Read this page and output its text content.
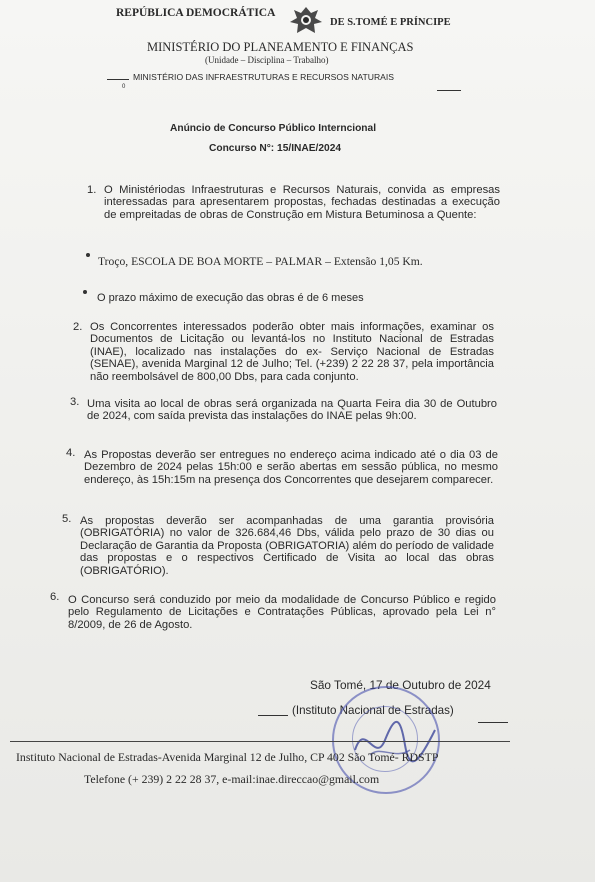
REPÚBLICA DEMOCRÁTICA
DE S.TOMÉ E PRÍNCIPE
MINISTÉRIO DO PLANEAMENTO E FINANÇAS
(Unidade – Disciplina – Trabalho)
MINISTÉRIO DAS INFRAESTRUTURAS E RECURSOS NATURAIS
0
Anúncio de Concurso Público Interncional
Concurso N°: 15/INAE/2024
1. O Ministériodas Infraestruturas e Recursos Naturais, convida as empresas interessadas para apresentarem propostas, fechadas destinadas a execução de empreitadas de obras de Construção em Mistura Betuminosa a Quente:
Troço, ESCOLA DE BOA MORTE – PALMAR – Extensão 1,05 Km.
O prazo máximo de execução das obras é de 6 meses
2. Os Concorrentes interessados poderão obter mais informações, examinar os Documentos de Licitação ou levantá-los no Instituto Nacional de Estradas (INAE), localizado nas instalações do ex- Serviço Nacional de Estradas (SENAE), avenida Marginal 12 de Julho; Tel. (+239) 2 22 28 37, pela importância não reembolsável de 800,00 Dbs, para cada conjunto.
3. Uma visita ao local de obras será organizada na Quarta Feira dia 30 de Outubro de 2024, com saída prevista das instalações do INAE pelas 9h:00.
4. As Propostas deverão ser entregues no endereço acima indicado até o dia 03 de Dezembro de 2024 pelas 15h:00 e serão abertas em sessão pública, no mesmo endereço, às 15h:15m na presença dos Concorrentes que desejarem comparecer.
5. As propostas deverão ser acompanhadas de uma garantia provisória (OBRIGATÓRIA) no valor de 326.684,46 Dbs, válida pelo prazo de 30 dias ou Declaração de Garantia da Proposta (OBRIGATORIA) além do período de validade das propostas e o respectivos Certificado de Visita ao local das obras (OBRIGATÓRIO).
6. O Concurso será conduzido por meio da modalidade de Concurso Público e regido pelo Regulamento de Licitações e Contratações Públicas, aprovado pela Lei n° 8/2009, de 26 de Agosto.
São Tomé, 17 de Outubro de 2024
(Instituto Nacional de Estradas)
Instituto Nacional de Estradas-Avenida Marginal 12 de Julho, CP 402 São Tomé- RDSTP
Telefone (+ 239) 2 22 28 37, e-mail:inae.direccao@gmail.com
